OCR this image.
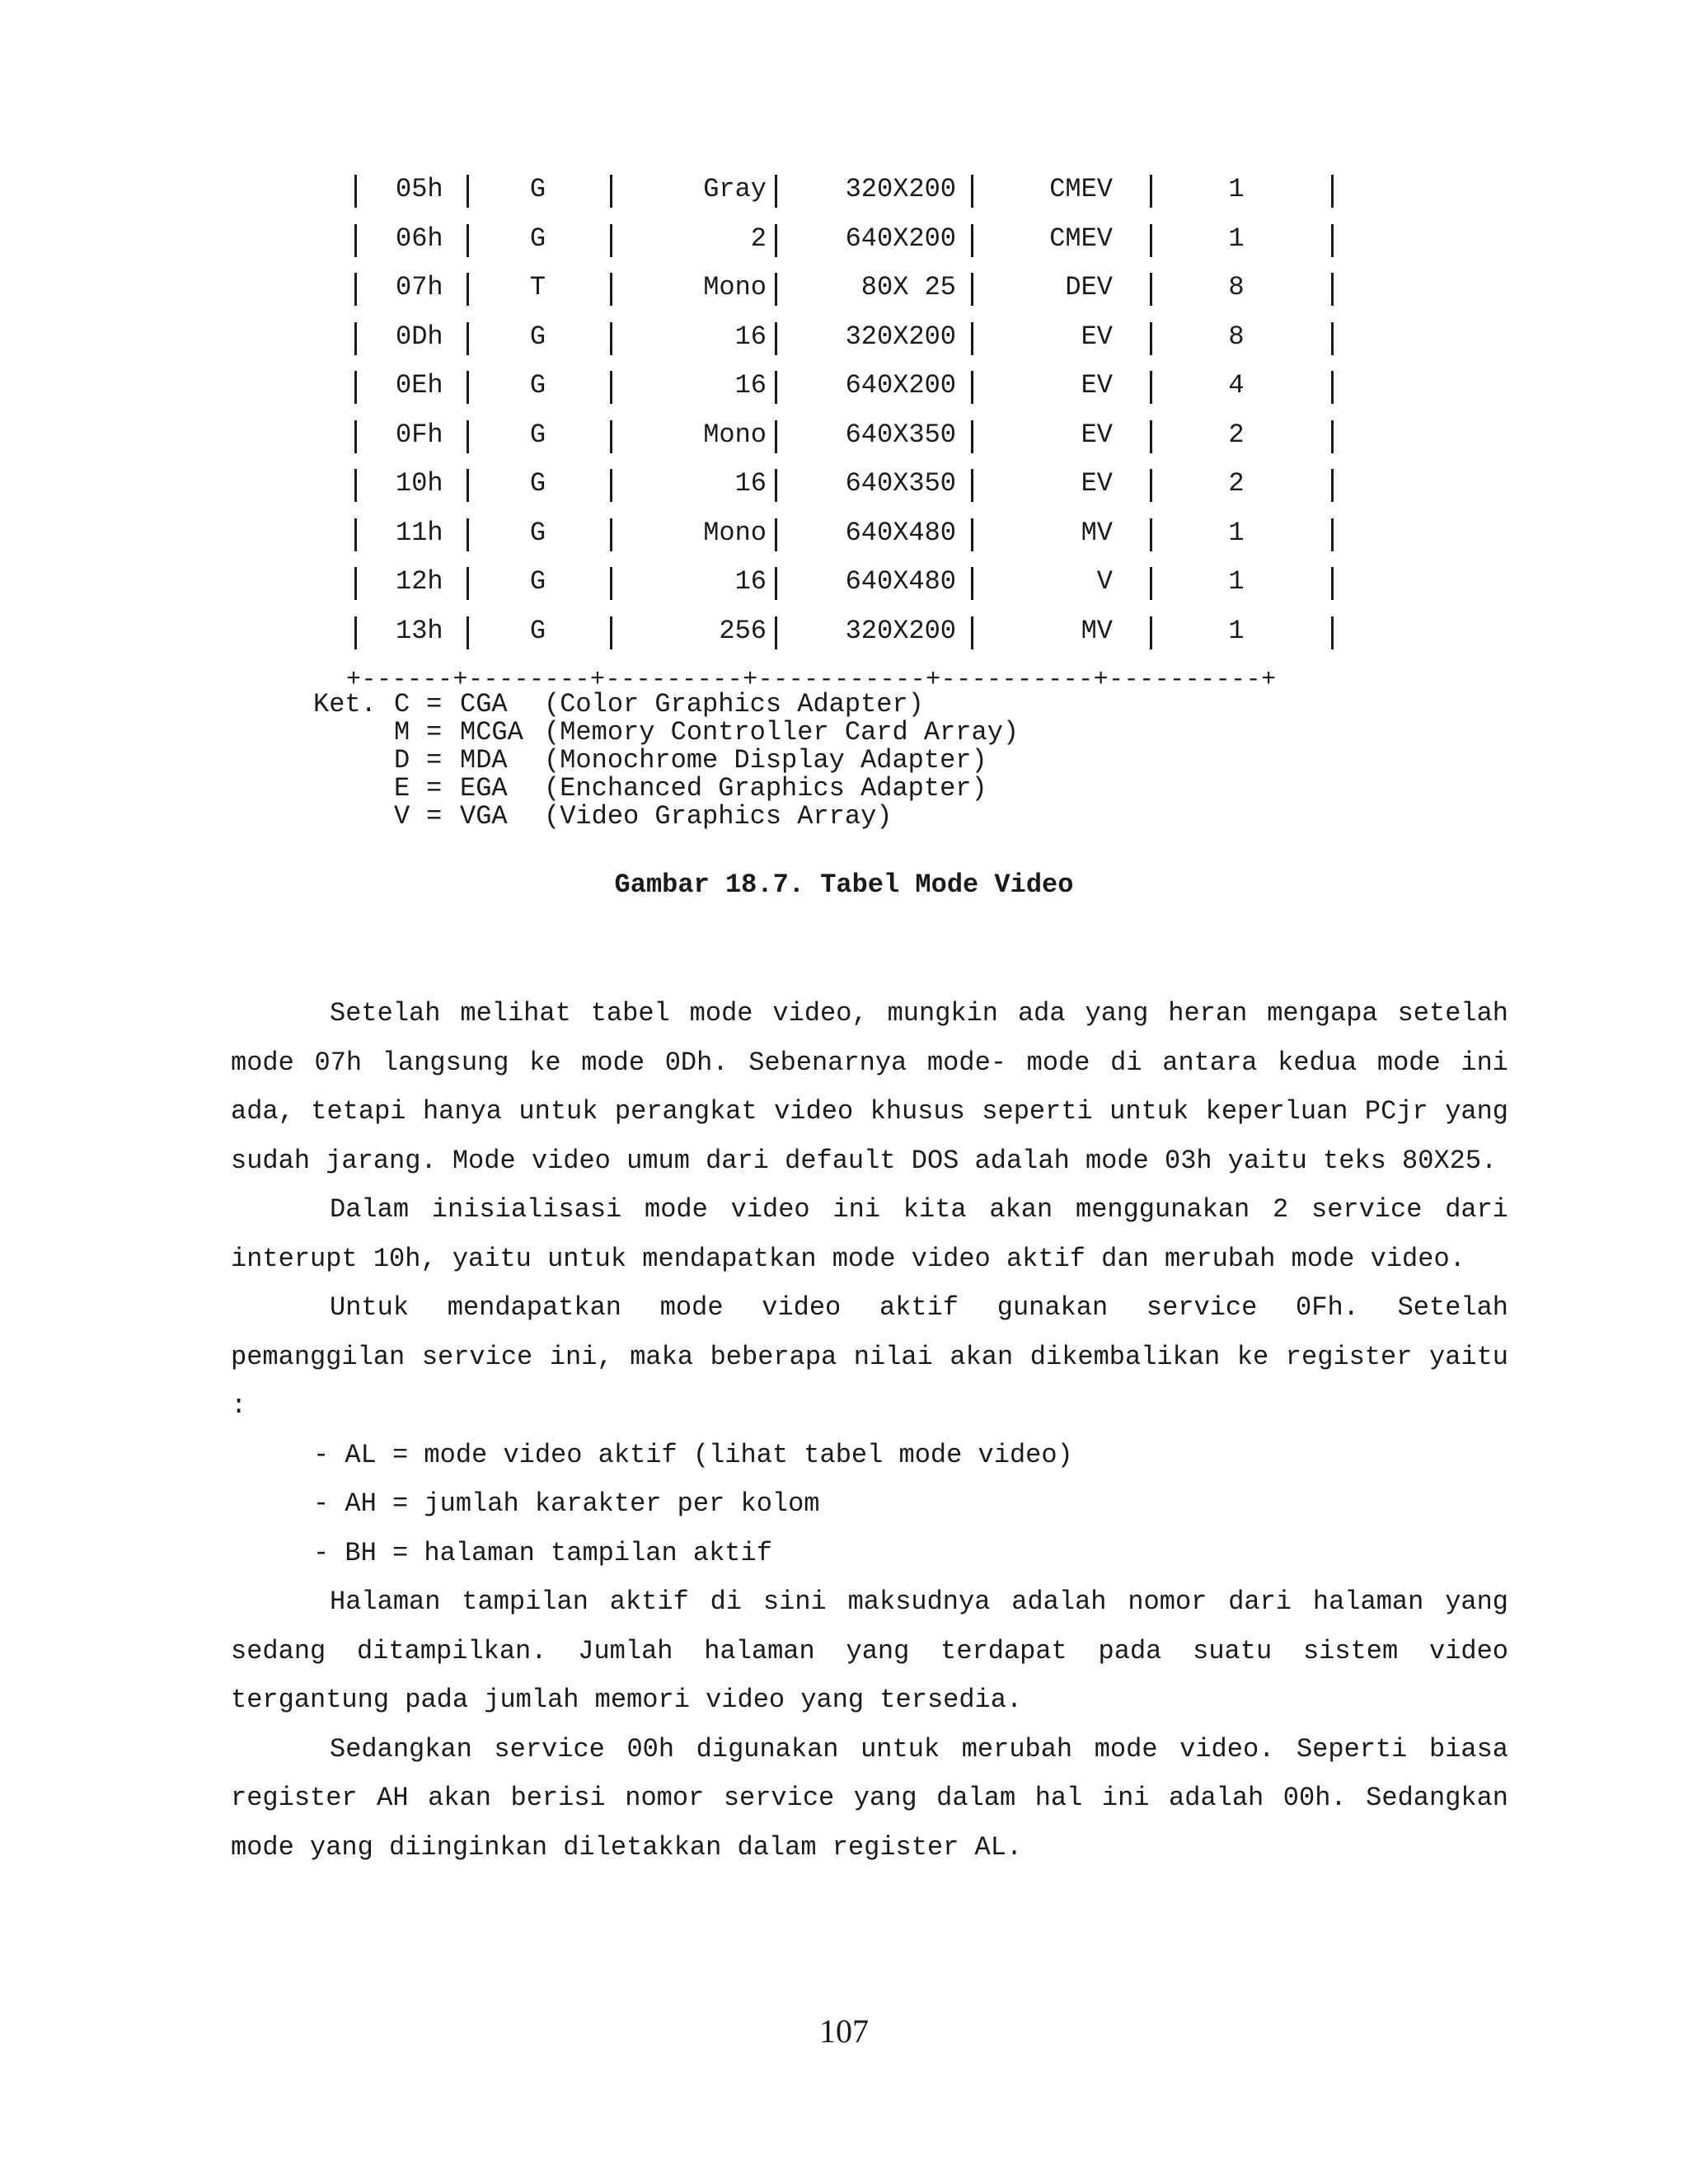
05h	G	Gray	320X200	CMEV	1
06h	G	2	640X200	CMEV	1
07h	T	Mono	80X 25	DEV	8
0Dh	G	16	320X200	EV	8
0Eh	G	16	640X200	EV	4
0Fh	G	Mono	640X350	EV	2
10h	G	16	640X350	EV	2
11h	G	Mono	640X480	MV	1
12h	G	16	640X480	V	1
13h	G	256	320X200	MV	1
+------+--------+---------+-----------+----------+----------+
Ket. C = CGA (Color Graphics Adapter)
M = MCGA (Memory Controller Card Array)
D = MDA (Monochrome Display Adapter)
E = EGA (Enchanced Graphics Adapter)
V = VGA (Video Graphics Array)
Gambar 18.7. Tabel Mode Video

Setelah melihat tabel mode video, mungkin ada yang heran mengapa setelah mode 07h langsung ke mode 0Dh. Sebenarnya mode- mode di antara kedua mode ini ada, tetapi hanya untuk perangkat video khusus seperti untuk keperluan PCjr yang sudah jarang. Mode video umum dari default DOS adalah mode 03h yaitu teks 80X25.

Dalam inisialisasi mode video ini kita akan menggunakan 2 service dari interupt 10h, yaitu untuk mendapatkan mode video aktif dan merubah mode video.

Untuk mendapatkan mode video aktif gunakan service 0Fh. Setelah pemanggilan service ini, maka beberapa nilai akan dikembalikan ke register yaitu :

- AL = mode video aktif (lihat tabel mode video)
- AH = jumlah karakter per kolom
- BH = halaman tampilan aktif

Halaman tampilan aktif di sini maksudnya adalah nomor dari halaman yang sedang ditampilkan. Jumlah halaman yang terdapat pada suatu sistem video tergantung pada jumlah memori video yang tersedia.

Sedangkan service 00h digunakan untuk merubah mode video. Seperti biasa register AH akan berisi nomor service yang dalam hal ini adalah 00h. Sedangkan mode yang diinginkan diletakkan dalam register AL.

107
